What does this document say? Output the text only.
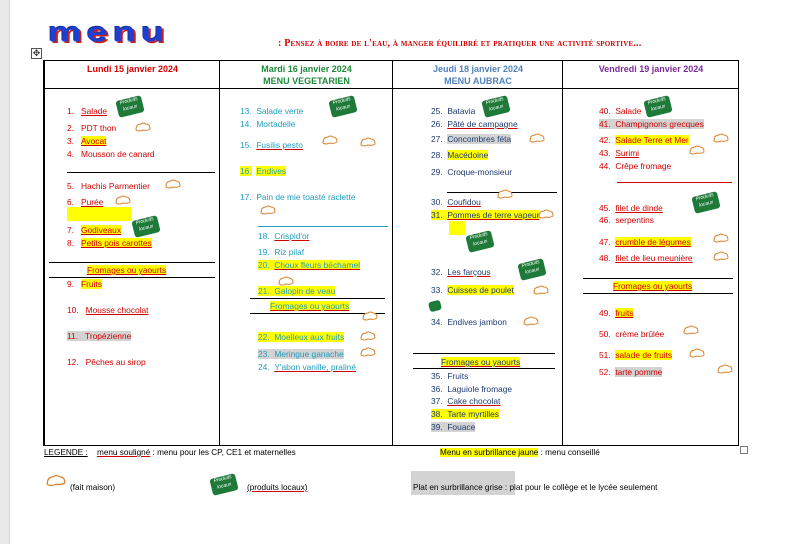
menu	: Pensez à boire de l'eau, à manger équilibré et pratiquer une activité sportive...
✥
Lundi 15 janvier 2024
1. Salade
2. PDT thon
3. Avocat
4. Mousson de canard
5. Hachis Parmentier
6. Purée
7. Godiveaux
8. Petits pois carottes
Fromages ou yaourts
9. Fruits
10. Mousse chocolat
11. Tropézienne
12. Pêches au sirop
Produits locaux
Produits locaux
Mardi 16 janvier 2024
MENU VEGETARIEN
13. Salade verte
14. Mortadelle
15. Fusilis pesto
16. Endives
17. Pain de mie toasté raclette
18. Crispid'or
19. Riz pilaf
20. Choux fleurs béchamel
21. Galopin de veau
Fromages ou yaourts
22. Moelleux aux fruits
23. Meringue ganache
24. Y'abon vanille, praliné
Produits locaux
Jeudi 18 janvier 2024
MENU AUBRAC
25. Batavia
26. Pâté de campagne
27. Concombres féta
28. Macédoine
29. Croque-monsieur
30. Coufidou
31. Pommes de terre vapeur
32. Les farçous
33. Cuisses de poulet
34. Endives jambon
Fromages ou yaourts
35. Fruits
36. Laguiole fromage
37. Cake chocolat
38. Tarte myrtilles
39. Fouace
Produits locaux
Produits locaux
Produits locaux
Vendredi 19 janvier 2024
40. Salade
41. Champignons grecques
42. Salade Terre et Mer
43. Surimi
44. Crêpe fromage
45. filet de dinde
46. serpentins
47. crumble de légumes
48. filet de lieu meunière
Fromages ou yaourts
49. fruits
50. crème brûlée
51. salade de fruits
52. tarte pomme
Produits locaux
Produits locaux
LEGENDE : menu souligné : menu pour les CP, CE1 et maternelles	Menu en surbrillance jaune : menu conseillé
(fait maison)
Produits locaux	(produits locaux)	Plat en surbrillance grise : plat pour le collège et le lycée seulement
